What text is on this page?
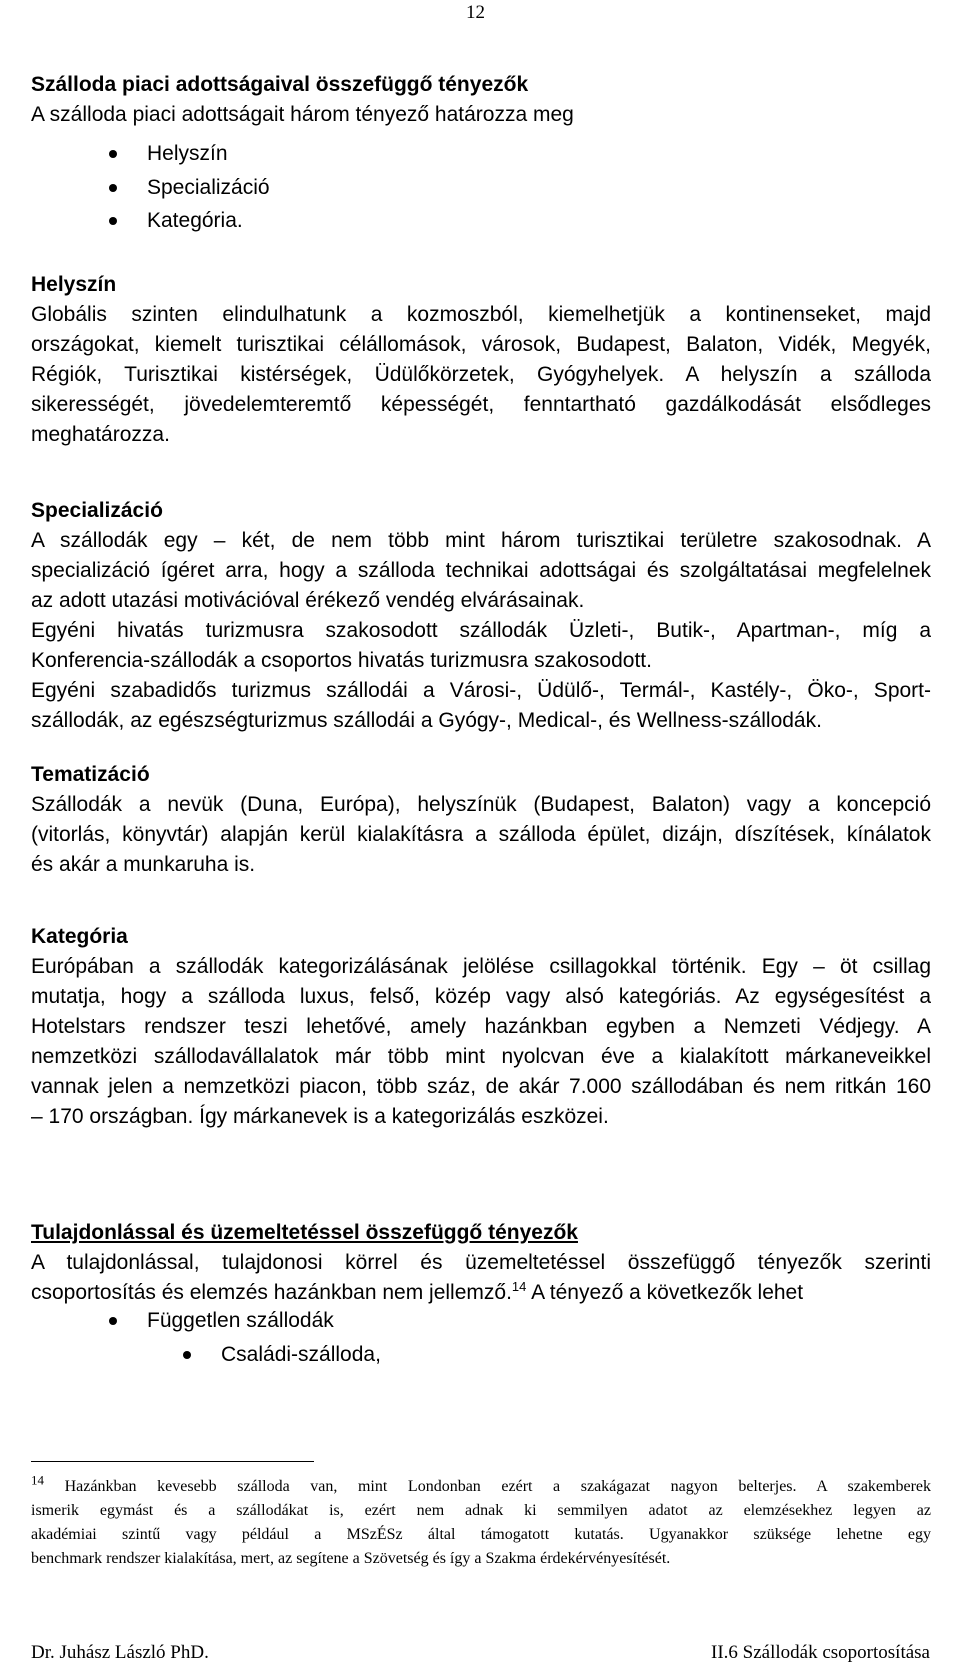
12
Szálloda piaci adottságaival összefüggő tényezők
A szálloda piaci adottságait három tényező határozza meg
Helyszín
Specializáció
Kategória.
Helyszín
Globális szinten elindulhatunk a kozmoszból, kiemelhetjük a kontinenseket, majd
országokat, kiemelt turisztikai célállomások, városok, Budapest, Balaton, Vidék, Megyék,
Régiók, Turisztikai kistérségek, Üdülőkörzetek, Gyógyhelyek. A helyszín a szálloda
sikerességét, jövedelemteremtő képességét, fenntartható gazdálkodását elsődleges
meghatározza.
Specializáció
A szállodák egy – két, de nem több mint három turisztikai területre szakosodnak. A
specializáció ígéret arra, hogy a szálloda technikai adottságai és szolgáltatásai megfelelnek
az adott utazási motivációval érékező vendég elvárásainak.
Egyéni hivatás turizmusra szakosodott szállodák Üzleti-, Butik-, Apartman-, míg a
Konferencia-szállodák a csoportos hivatás turizmusra szakosodott.
Egyéni szabadidős turizmus szállodái a Városi-, Üdülő-, Termál-, Kastély-, Öko-, Sport-
szállodák, az egészségturizmus szállodái a Gyógy-, Medical-, és Wellness-szállodák.
Tematizáció
Szállodák a nevük (Duna, Európa), helyszínük (Budapest, Balaton) vagy a koncepció
(vitorlás, könyvtár) alapján kerül kialakításra a szálloda épület, dizájn, díszítések, kínálatok
és akár a munkaruha is.
Kategória
Európában a szállodák kategorizálásának jelölése csillagokkal történik. Egy – öt csillag
mutatja, hogy a szálloda luxus, felső, közép vagy alsó kategóriás. Az egységesítést a
Hotelstars rendszer teszi lehetővé, amely hazánkban egyben a Nemzeti Védjegy. A
nemzetközi szállodavállalatok már több mint nyolcvan éve a kialakított márkaneveikkel
vannak jelen a nemzetközi piacon, több száz, de akár 7.000 szállodában és nem ritkán 160
– 170 országban. Így márkanevek is a kategorizálás eszközei.
Tulajdonlással és üzemeltetéssel összefüggő tényezők
A tulajdonlással, tulajdonosi körrel és üzemeltetéssel összefüggő tényezők szerinti
csoportosítás és elemzés hazánkban nem jellemző.$^{14}$ A tényező a következők lehet
Független szállodák
Családi-szálloda,
$^{14}$ Hazánkban kevesebb szálloda van, mint Londonban ezért a szakágazat nagyon belterjes. A szakemberek
ismerik egymást és a szállodákat is, ezért nem adnak ki semmilyen adatot az elemzésekhez legyen az
akadémiai szintű vagy például a MSzÉSz által támogatott kutatás. Ugyanakkor szüksége lehetne egy
benchmark rendszer kialakítása, mert, az segítene a Szövetség és így a Szakma érdekérvényesítését.
Dr. Juhász László PhD.	II.6 Szállodák csoportosítása
